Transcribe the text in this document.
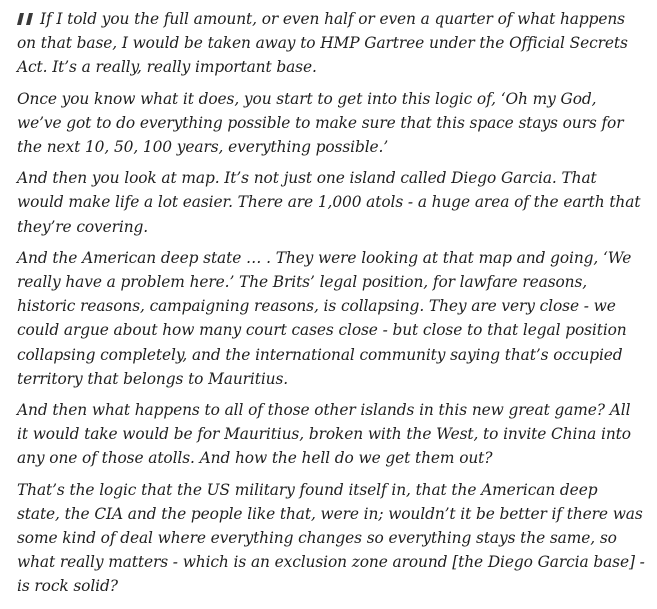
If I told you the full amount, or even half or even a quarter of what happens on that base, I would be taken away to HMP Gartree under the Official Secrets Act. It’s a really, really important base.

Once you know what it does, you start to get into this logic of, ‘Oh my God, we’ve got to do everything possible to make sure that this space stays ours for the next 10, 50, 100 years, everything possible.’

And then you look at map. It’s not just one island called Diego Garcia. That would make life a lot easier. There are 1,000 atols - a huge area of the earth that they’re covering.

And the American deep state … . They were looking at that map and going, ‘We really have a problem here.’ The Brits’ legal position, for lawfare reasons, historic reasons, campaigning reasons, is collapsing. They are very close - we could argue about how many court cases close - but close to that legal position collapsing completely, and the international community saying that’s occupied territory that belongs to Mauritius.

And then what happens to all of those other islands in this new great game? All it would take would be for Mauritius, broken with the West, to invite China into any one of those atolls. And how the hell do we get them out?

That’s the logic that the US military found itself in, that the American deep state, the CIA and the people like that, were in; wouldn’t it be better if there was some kind of deal where everything changes so everything stays the same, so what really matters - which is an exclusion zone around [the Diego Garcia base] - is rock solid?
